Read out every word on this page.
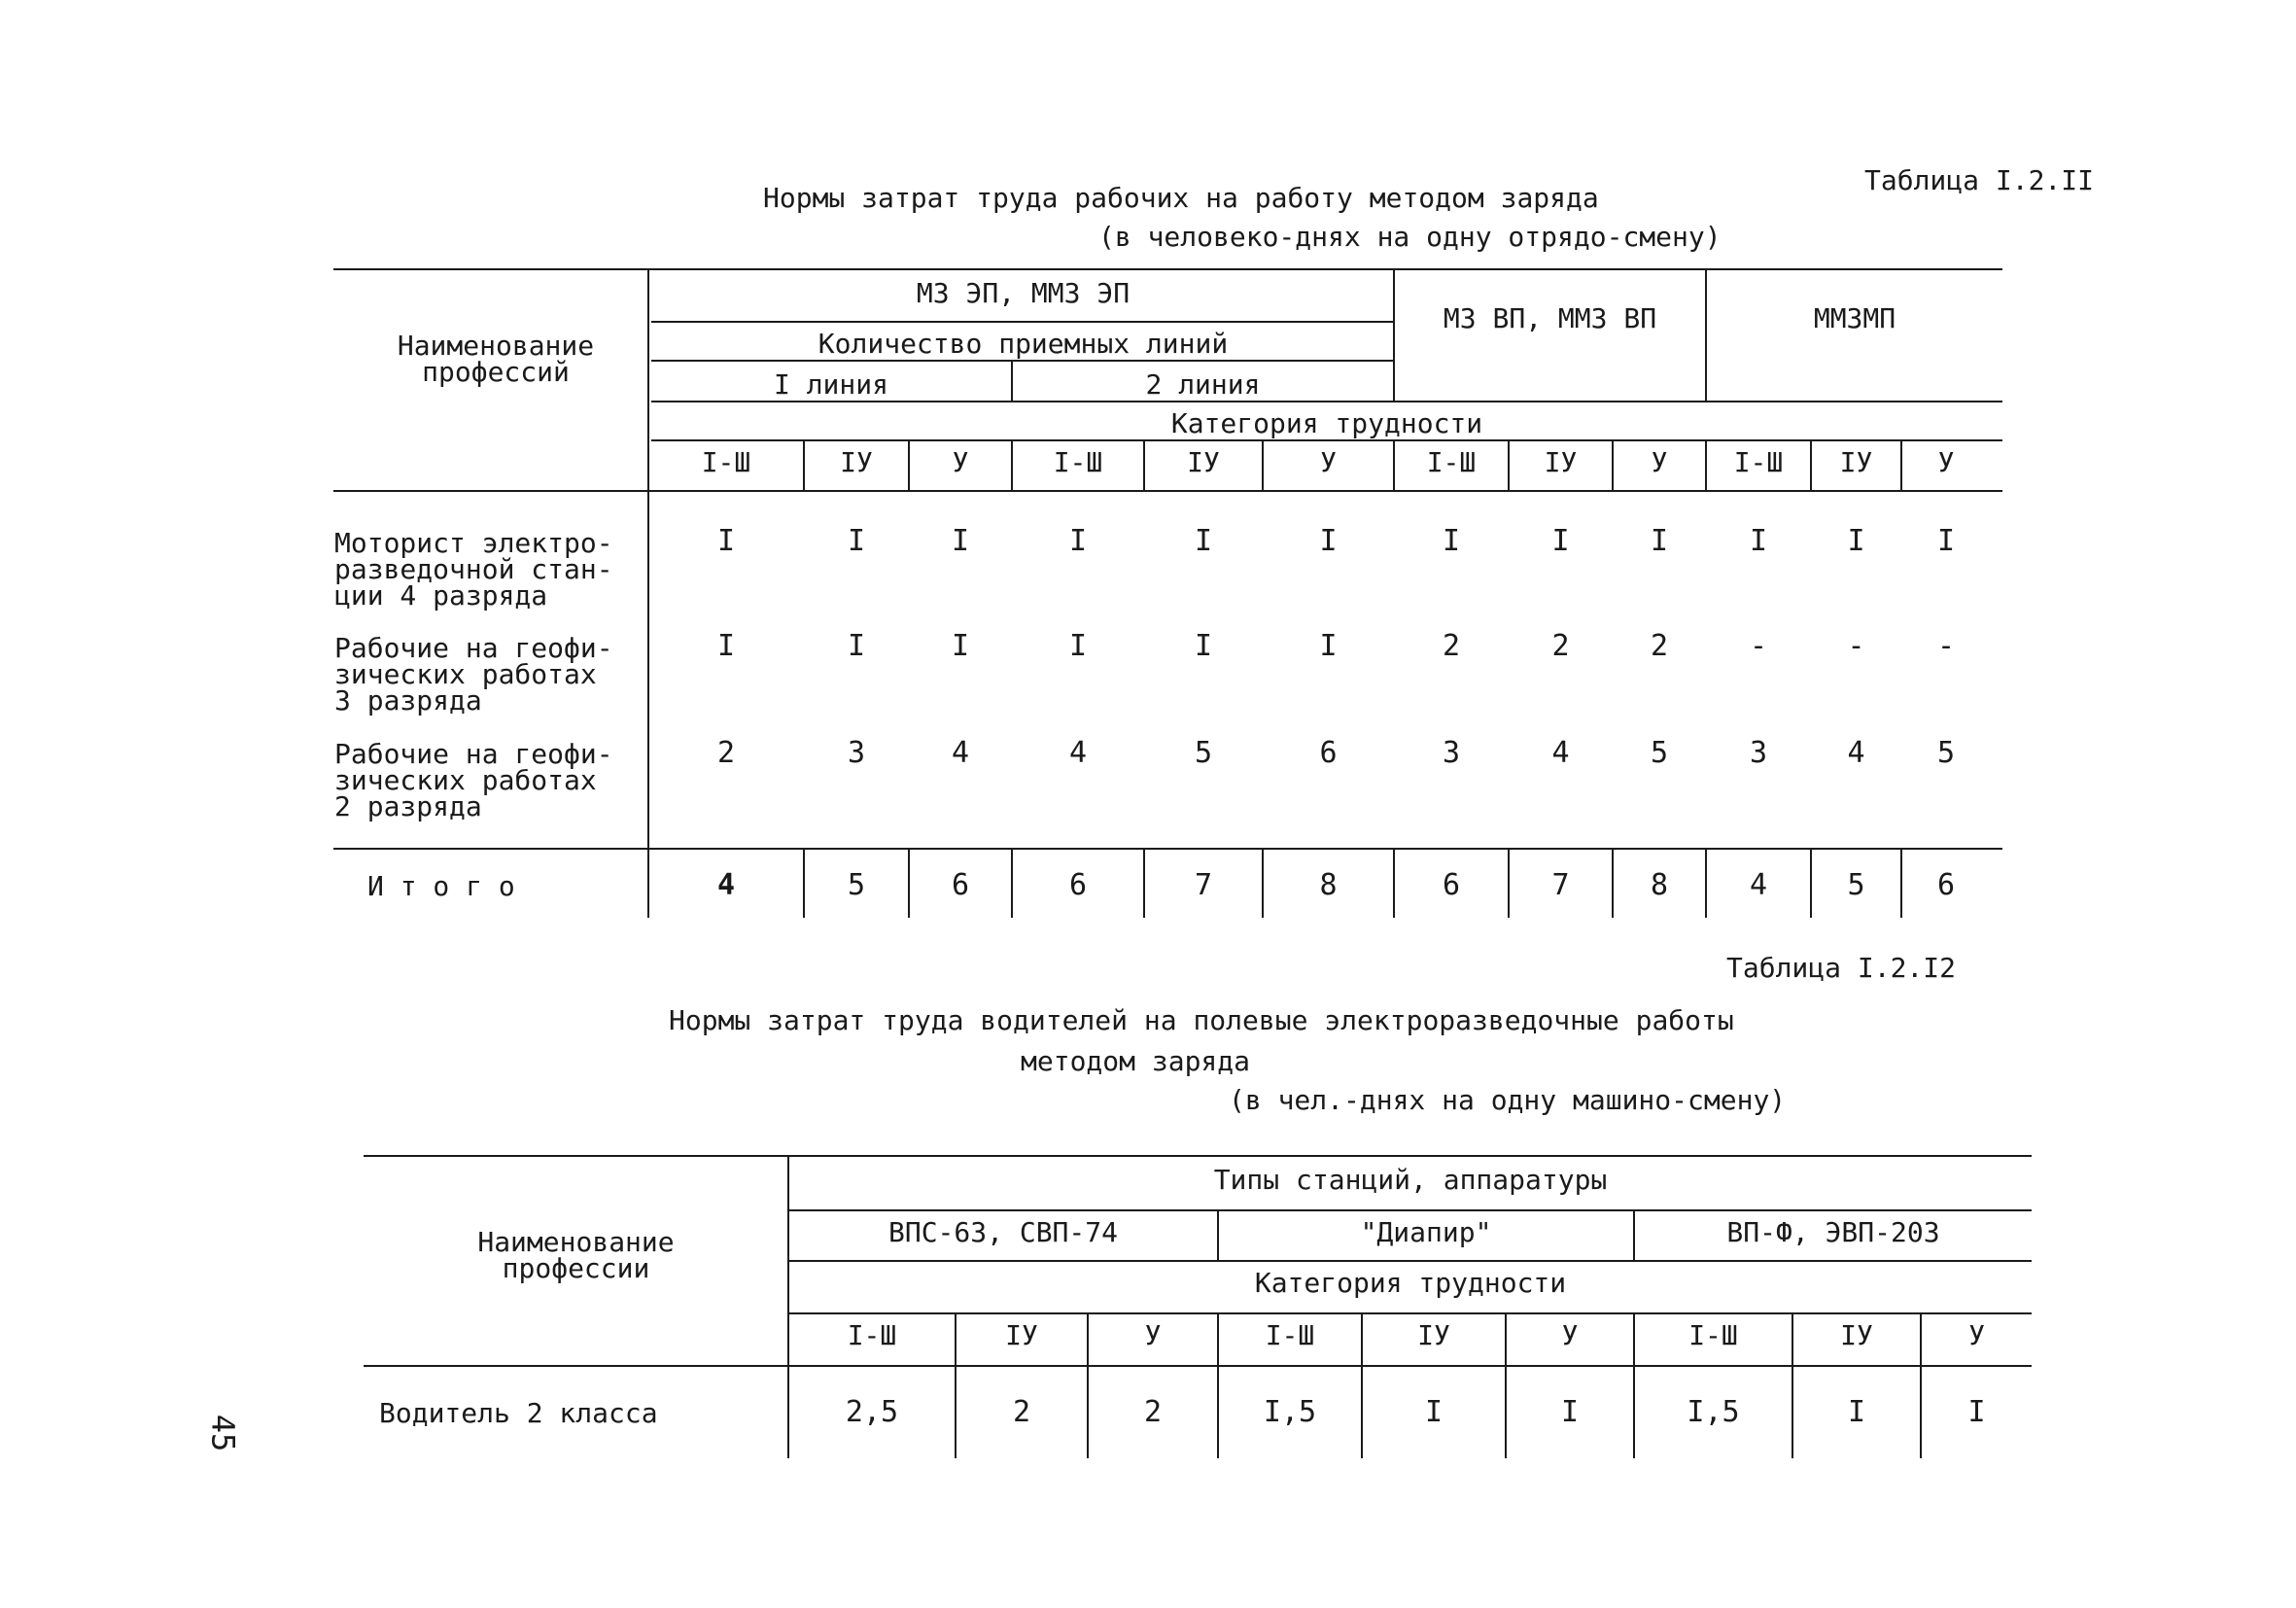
45
Таблица I.2.II
Нормы затрат труда рабочих на работу методом заряда
(в человеко-днях на одну отрядо-смену)
Наименование
профессий
МЗ ЭП, ММЗ ЭП
Количество приемных линий
I линия	2 линия
МЗ ВП, ММЗ ВП	ММЗМП
Категория трудности
I-Ш	IУ	У	I-Ш	IУ	У	I-Ш	IУ	У	I-Ш	IУ	У
Моторист электро-
разведочной стан-
ции 4 разряда
I	I	I	I	I	I	I	I	I	I	I	I
Рабочие на геофи-
зических работах
3 разряда
I	I	I	I	I	I	2	2	2	-	-	-
Рабочие на геофи-
зических работах
2 разряда
2	3	4	4	5	6	3	4	5	3	4	5
И т о г о	4	5	6	6	7	8	6	7	8	4	5	6
Таблица I.2.I2
Нормы затрат труда водителей на полевые электроразведочные работы
методом заряда
(в чел.-днях на одну машино-смену)
Наименование
профессии
Типы станций, аппаратуры
ВПС-63, СВП-74	"Диапир"	ВП-Ф, ЭВП-203
Категория трудности
I-Ш	IУ	У	I-Ш	IУ	У	I-Ш	IУ	У
Водитель 2 класса	2,5	2	2	I,5	I	I	I,5	I	I
